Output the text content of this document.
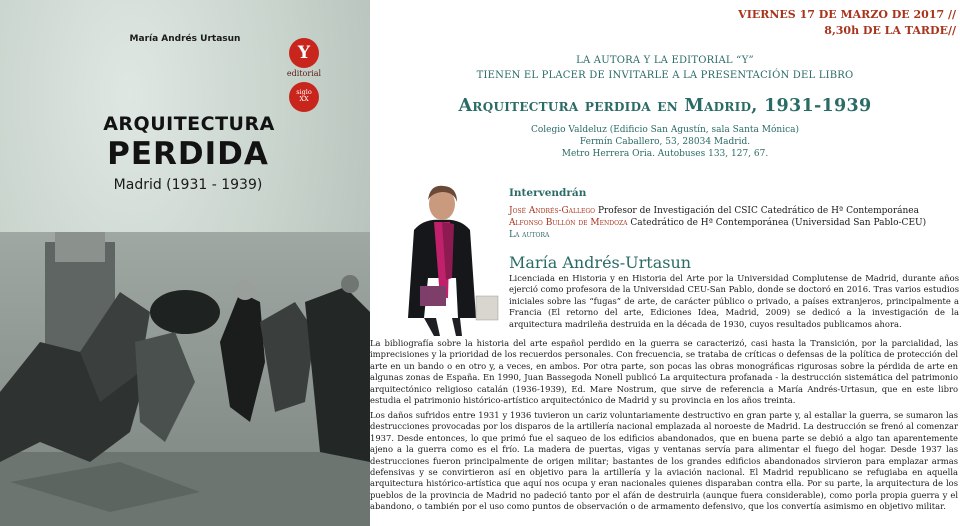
María Andrés Urtasun
Y
editorial
siglo
XX
ARQUITECTURA
PERDIDA
Madrid (1931 - 1939)
VIERNES 17 DE MARZO DE 2017 //
8,30h DE LA TARDE//
LA AUTORA Y LA EDITORIAL “Y”
TIENEN EL PLACER DE INVITARLE A LA PRESENTACIÓN DEL LIBRO
Arquitectura perdida en Madrid, 1931-1939
Colegio Valdeluz (Edificio San Agustín, sala Santa Mónica)
Fermín Caballero, 53, 28034 Madrid.
Metro Herrera Oria. Autobuses 133, 127, 67.
Intervendrán
José Andrés-Gallego Profesor de Investigación del CSIC Catedrático de Hª Contemporánea
Alfonso Bullón de Mendoza Catedrático de Hª Contemporánea (Universidad San Pablo-CEU)
La autora
María Andrés-Urtasun
Licenciada en Historia y en Historia del Arte por la Universidad Complutense de Madrid, durante años ejerció como profesora de la Universidad CEU-San Pablo, donde se doctoró en 2016. Tras varios estudios iniciales sobre las “fugas” de arte, de carácter público o privado, a países extranjeros, principalmente a Francia (El retorno del arte, Ediciones Idea, Madrid, 2009) se dedicó a la investigación de la arquitectura madrileña destruida en la década de 1930, cuyos resultados publicamos ahora.
La bibliografía sobre la historia del arte español perdido en la guerra se caracterizó, casi hasta la Transición, por la parcialidad, las imprecisiones y la prioridad de los recuerdos personales. Con frecuencia, se trataba de críticas o defensas de la política de protección del arte en un bando o en otro y, a veces, en ambos. Por otra parte, son pocas las obras monográficas rigurosas sobre la pérdida de arte en algunas zonas de España. En 1990, Juan Bassegoda Nonell publicó La arquitectura profanada - la destrucción sistemática del patrimonio arquitectónico religioso catalán (1936-1939), Ed. Mare Nostrum, que sirve de referencia a María Andrés-Urtasun, que en este libro estudia el patrimonio histórico-artístico arquitectónico de Madrid y su provincia en los años treinta.
Los daños sufridos entre 1931 y 1936 tuvieron un cariz voluntariamente destructivo en gran parte y, al estallar la guerra, se sumaron las destrucciones provocadas por los disparos de la artillería nacional emplazada al noroeste de Madrid. La destrucción se frenó al comenzar 1937. Desde entonces, lo que primó fue el saqueo de los edificios abandonados, que en buena parte se debió a algo tan aparentemente ajeno a la guerra como es el frío. La madera de puertas, vigas y ventanas servía para alimentar el fuego del hogar. Desde 1937 las destrucciones fueron principalmente de origen militar; bastantes de los grandes edificios abandonados sirvieron para emplazar armas defensivas y se convirtieron así en objetivo para la artillería y la aviación nacional. El Madrid republicano se refugiaba en aquella arquitectura histórico-artística que aquí nos ocupa y eran nacionales quienes disparaban contra ella. Por su parte, la arquitectura de los pueblos de la provincia de Madrid no padeció tanto por el afán de destruirla (aunque fuera considerable), como porla propia guerra y el abandono, o también por el uso como puntos de observación o de armamento defensivo, que los convertía asimismo en objetivo militar.
